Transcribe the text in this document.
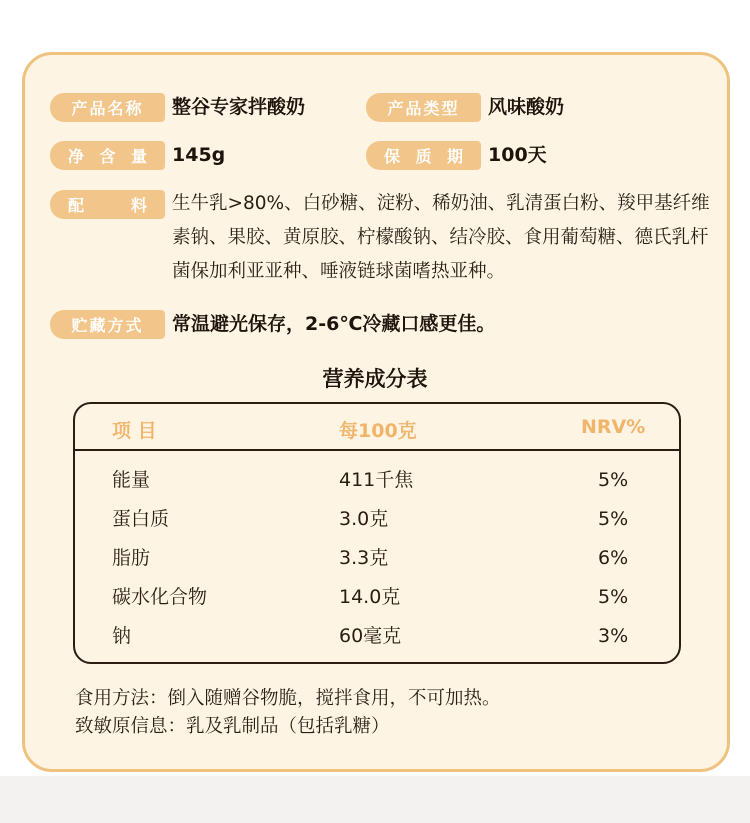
产品名称	整谷专家拌酸奶	产品类型	风味酸奶
净 含 量	145g	保 质 期	100天
配	料	生牛乳>80%、白砂糖、淀粉、稀奶油、乳清蛋白粉、羧甲基纤维素钠、果胶、黄原胶、柠檬酸钠、结冷胶、食用葡萄糖、德氏乳杆菌保加利亚亚种、唾液链球菌嗜热亚种。
贮藏方式	常温避光保存，2-6℃冷藏口感更佳。
营养成分表
项 目	每100克	NRV%
能量	411千焦	5%
蛋白质	3.0克	5%
脂肪	3.3克	6%
碳水化合物	14.0克	5%
钠	60毫克	3%
食用方法：倒入随赠谷物脆，搅拌食用，不可加热。
致敏原信息：乳及乳制品（包括乳糖）
